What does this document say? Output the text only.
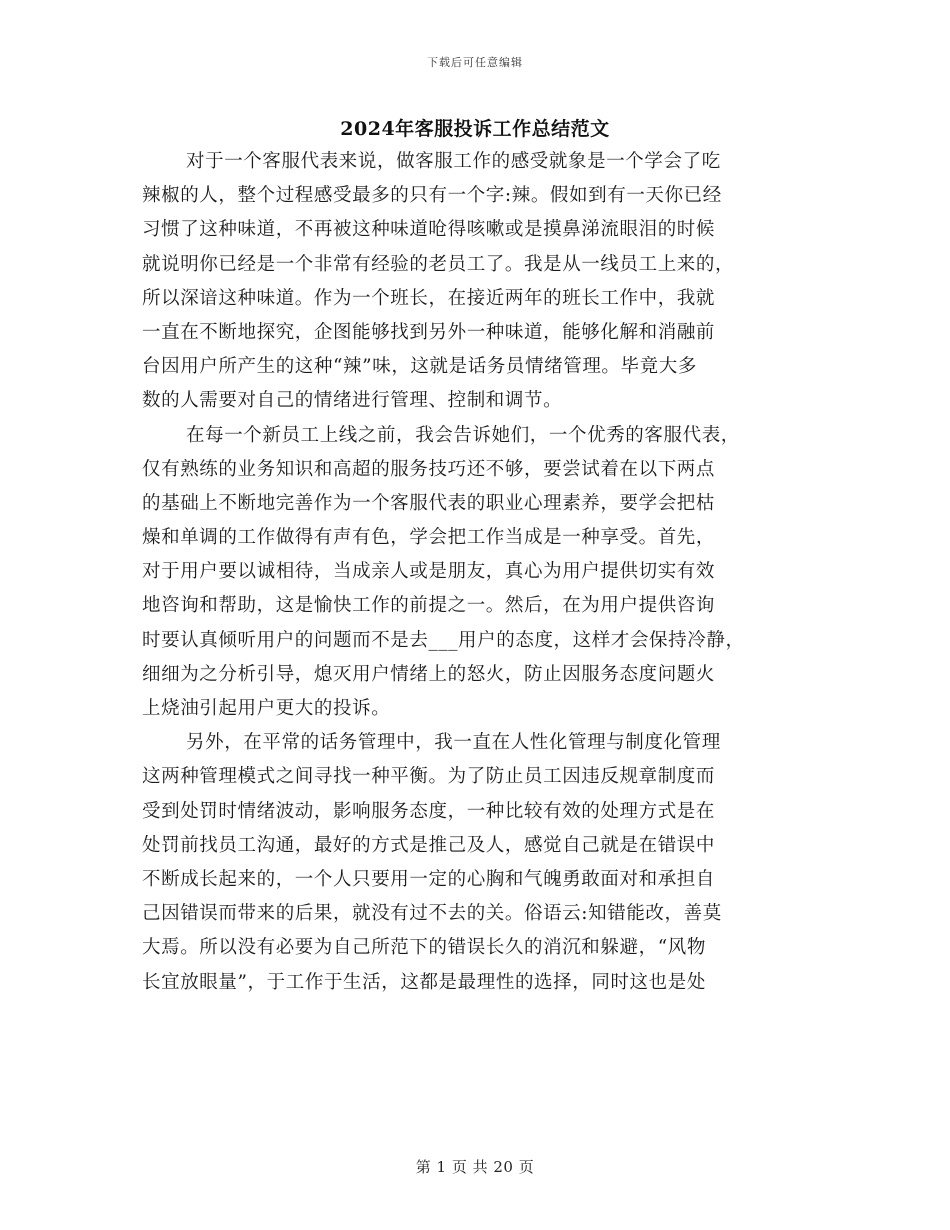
下载后可任意编辑
2024年客服投诉工作总结范文
对于一个客服代表来说，做客服工作的感受就象是一个学会了吃
辣椒的人，整个过程感受最多的只有一个字:辣。假如到有一天你已经
习惯了这种味道，不再被这种味道呛得咳嗽或是摸鼻涕流眼泪的时候
就说明你已经是一个非常有经验的老员工了。我是从一线员工上来的，
所以深谙这种味道。作为一个班长，在接近两年的班长工作中，我就
一直在不断地探究，企图能够找到另外一种味道，能够化解和消融前
台因用户所产生的这种“辣”味，这就是话务员情绪管理。毕竟大多
数的人需要对自己的情绪进行管理、控制和调节。
在每一个新员工上线之前，我会告诉她们，一个优秀的客服代表，
仅有熟练的业务知识和高超的服务技巧还不够，要尝试着在以下两点
的基础上不断地完善作为一个客服代表的职业心理素养，要学会把枯
燥和单调的工作做得有声有色，学会把工作当成是一种享受。首先，
对于用户要以诚相待，当成亲人或是朋友，真心为用户提供切实有效
地咨询和帮助，这是愉快工作的前提之一。然后，在为用户提供咨询
时要认真倾听用户的问题而不是去___用户的态度，这样才会保持冷静，
细细为之分析引导，熄灭用户情绪上的怒火，防止因服务态度问题火
上烧油引起用户更大的投诉。
另外，在平常的话务管理中，我一直在人性化管理与制度化管理
这两种管理模式之间寻找一种平衡。为了防止员工因违反规章制度而
受到处罚时情绪波动，影响服务态度，一种比较有效的处理方式是在
处罚前找员工沟通，最好的方式是推己及人，感觉自己就是在错误中
不断成长起来的，一个人只要用一定的心胸和气魄勇敢面对和承担自
己因错误而带来的后果，就没有过不去的关。俗语云:知错能改，善莫
大焉。所以没有必要为自己所范下的错误长久的消沉和躲避，“风物
长宜放眼量”，于工作于生活，这都是最理性的选择，同时这也是处
第 1 页 共 20 页
